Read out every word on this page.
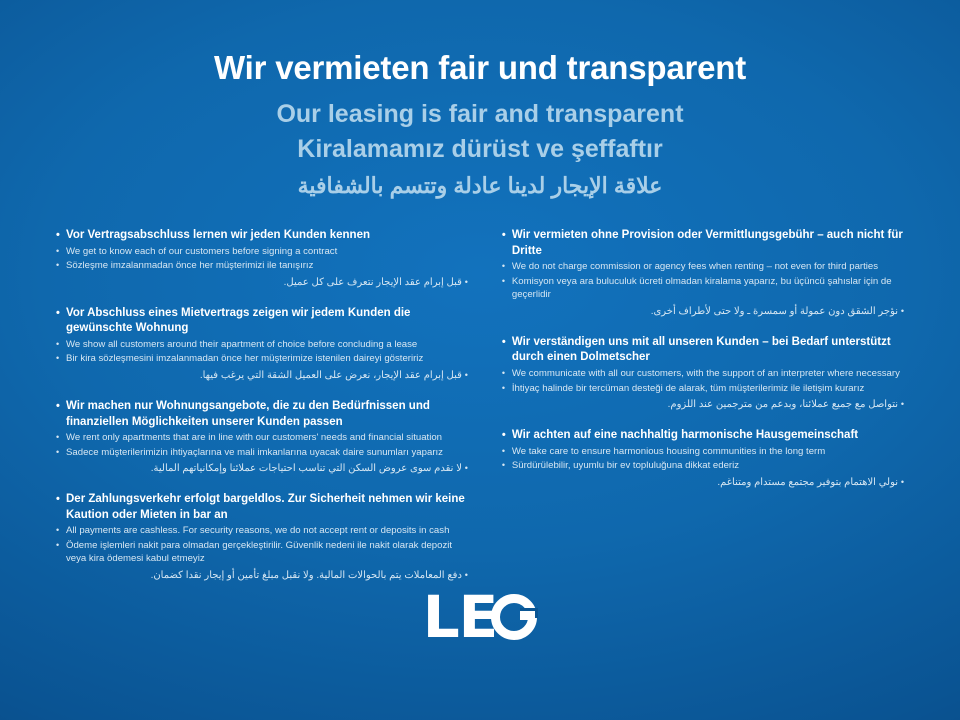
Wir vermieten fair und transparent
Our leasing is fair and transparent
Kiralamamız dürüst ve şeffaftır
علاقة الإيجار لدينا عادلة وتتسم بالشفافية
• Vor Vertragsabschluss lernen wir jeden Kunden kennen
• We get to know each of our customers before signing a contract
• Sözleşme imzalanmadan önce her müşterimizi ile tanışırız
• قبل إبرام عقد الإيجار نتعرف على كل عميل.
• Vor Abschluss eines Mietvertrags zeigen wir jedem Kunden die gewünschte Wohnung
• We show all customers around their apartment of choice before concluding a lease
• Bir kira sözleşmesini imzalanmadan önce her müşterimize istenilen daireyi gösteririz
• قبل إبرام عقد الإيجار، نعرض على العميل الشقة التي يرغب فيها.
• Wir machen nur Wohnungsangebote, die zu den Bedürfnissen und finanziellen Möglichkeiten unserer Kunden passen
• We rent only apartments that are in line with our customers' needs and financial situation
• Sadece müşterilerimizin ihtiyaçlarına ve mali imkanlarına uyacak daire sunumları yaparız
• لا نقدم سوى عروض السكن التي تناسب احتياجات عملائنا وإمكانياتهم المالية.
• Der Zahlungsverkehr erfolgt bargeldlos. Zur Sicherheit nehmen wir keine Kaution oder Mieten in bar an
• All payments are cashless. For security reasons, we do not accept rent or deposits in cash
• Ödeme işlemleri nakit para olmadan gerçekleştirilir. Güvenlik nedeni ile nakit olarak depozit veya kira ödemesi kabul etmeyiz
• دفع المعاملات يتم بالحوالات المالية. ولا نقبل مبلغ تأمين أو إيجار نقدا كضمان.
• Wir vermieten ohne Provision oder Vermittlungsgebühr – auch nicht für Dritte
• We do not charge commission or agency fees when renting – not even for third parties
• Komisyon veya ara buluculuk ücreti olmadan kiralama yaparız, bu üçüncü şahıslar için de geçerlidir
• نؤجر الشقق دون عمولة أو سمسرة ـ ولا حتى لأطراف أخرى.
• Wir verständigen uns mit all unseren Kunden – bei Bedarf unterstützt durch einen Dolmetscher
• We communicate with all our customers, with the support of an interpreter where necessary
• İhtiyaç halinde bir tercüman desteği de alarak, tüm müşterilerimiz ile iletişim kurarız
• نتواصل مع جميع عملائنا، وبدعم من مترجمين عند اللزوم.
• Wir achten auf eine nachhaltig harmonische Hausgemeinschaft
• We take care to ensure harmonious housing communities in the long term
• Sürdürülebilir, uyumlu bir ev topluluğuna dikkat ederiz
• نولي الاهتمام بتوفير مجتمع مستدام ومتناغم.
LE
